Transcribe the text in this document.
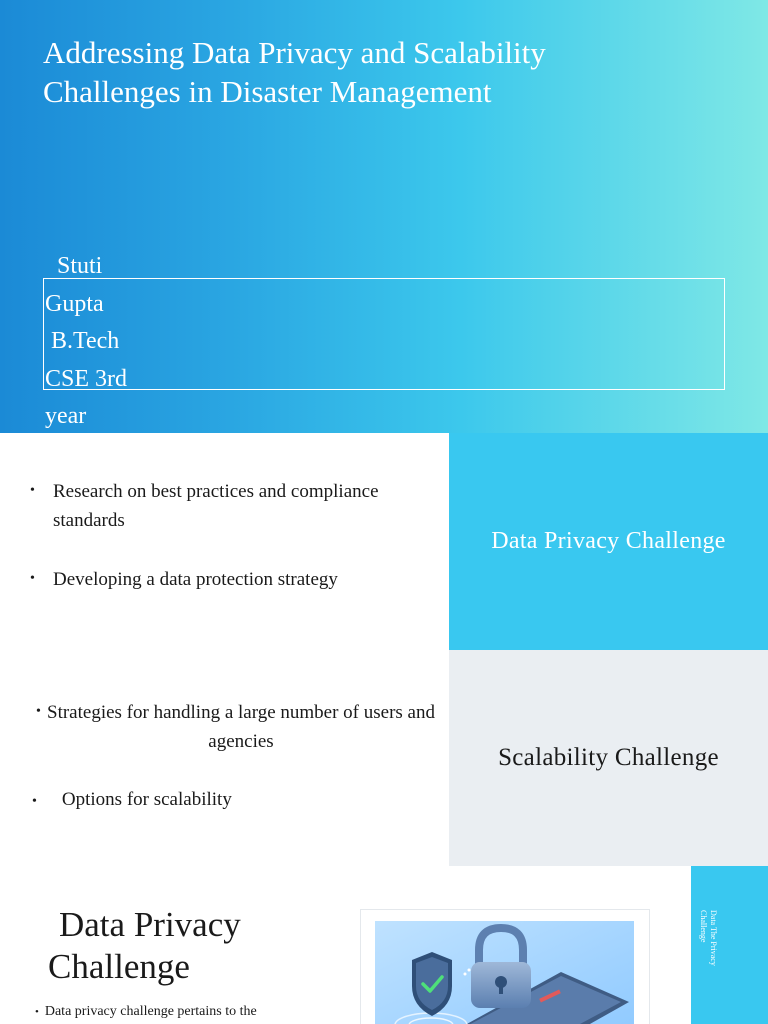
Addressing Data Privacy and Scalability Challenges in Disaster Management
Stuti
Gupta
B.Tech
CSE 3rd
year
• Research on best practices and compliance standards
• Developing a data protection strategy
Data Privacy Challenge
• Strategies for handling a large number of users and agencies
• Options for scalability
Scalability Challenge
Data Privacy
Challenge
• Data privacy challenge pertains to the
Data The Privacy
Challenge
